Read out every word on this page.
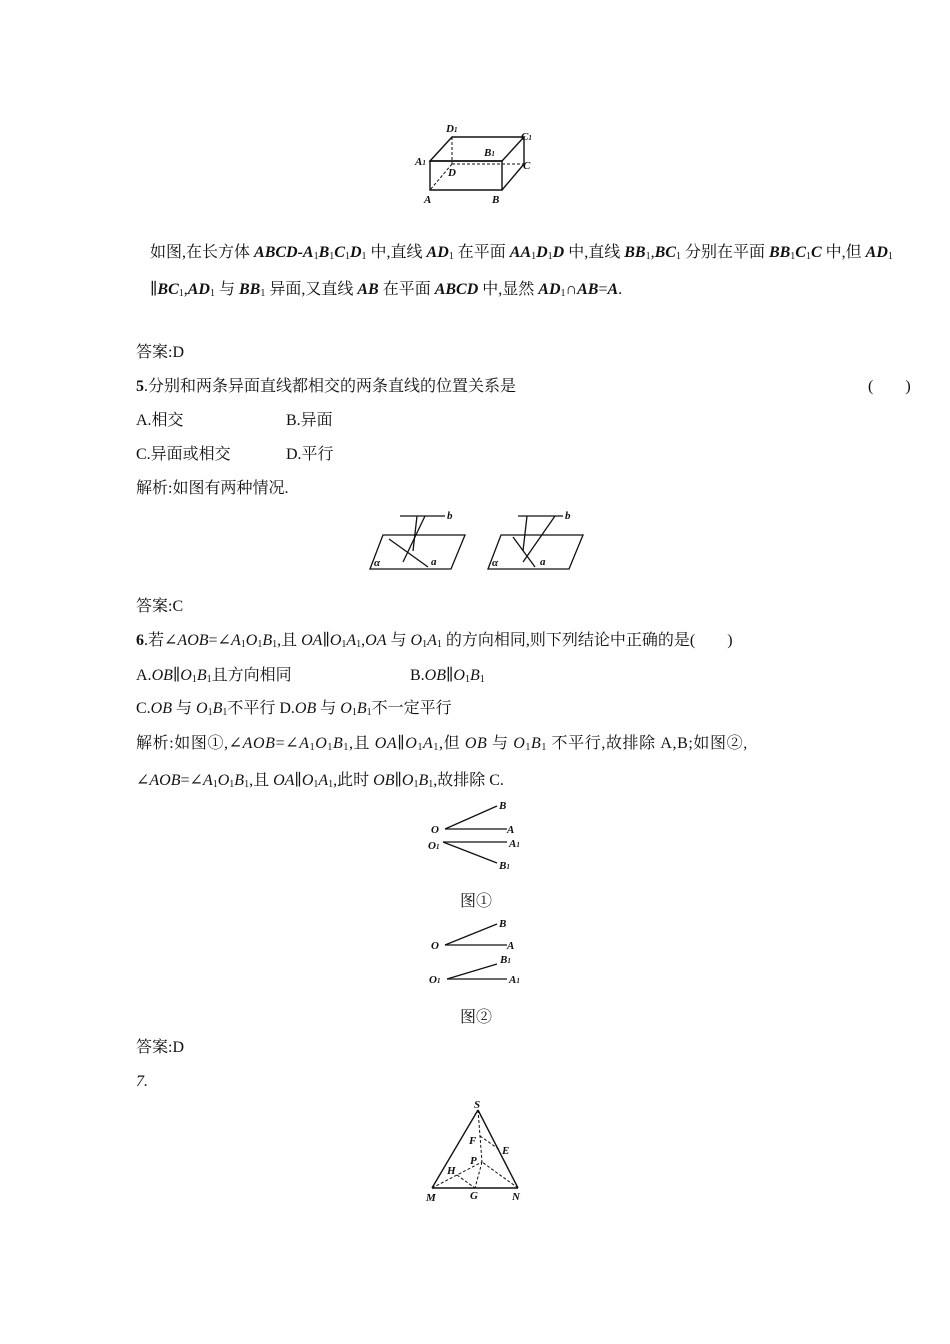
D1
C1
A1
B1
D
C
A	B
如图,在长方体 ABCD-$A_1B_1C_1D_1$ 中,直线 $AD_1$ 在平面 $AA_1D_1D$ 中,直线 $BB_1,BC_1$ 分别在平面 $BB_1C_1C$ 中,但 $AD_1$
$\parallel BC_1,AD_1$ 与 $BB_1$ 异面,又直线 AB 在平面 ABCD 中,显然 $AD_1\cap AB=A$.
答案:D
5.分别和两条异面直线都相交的两条直线的位置关系是	(　　)
A.相交	B.异面
C.异面或相交	D.平行
解析:如图有两种情况.
b
α	a
b
α	a
答案:C
6.若$\angle AOB=\angle A_1O_1B_1$,且 $OA\parallel O_1A_1,OA$ 与 $O_1A_1$ 的方向相同,则下列结论中正确的是(　　)
$A.OB\parallel O_1B_1$且方向相同	$B.OB\parallel O_1B_1$
C.OB 与 $O_1B_1$不平行 D.OB 与 $O_1B_1$不一定平行
解析:如图$①,\angle AOB=\angle A_1O_1B_1$,且 $OA\parallel O_1A_1$,但 OB 与 $O_1B_1$ 不平行,故排除 A,B;如图②,
$\angle AOB=\angle A_1O_1B_1$,且 $OA\parallel O_1A_1$,此时 $OB\parallel O_1B_1$,故排除 C.
B
O	A
O1	A1
B1
图①
B
O	A
B1
O1	A1
图②
答案:D
7.
S
F
E
P
H
M	G	N
